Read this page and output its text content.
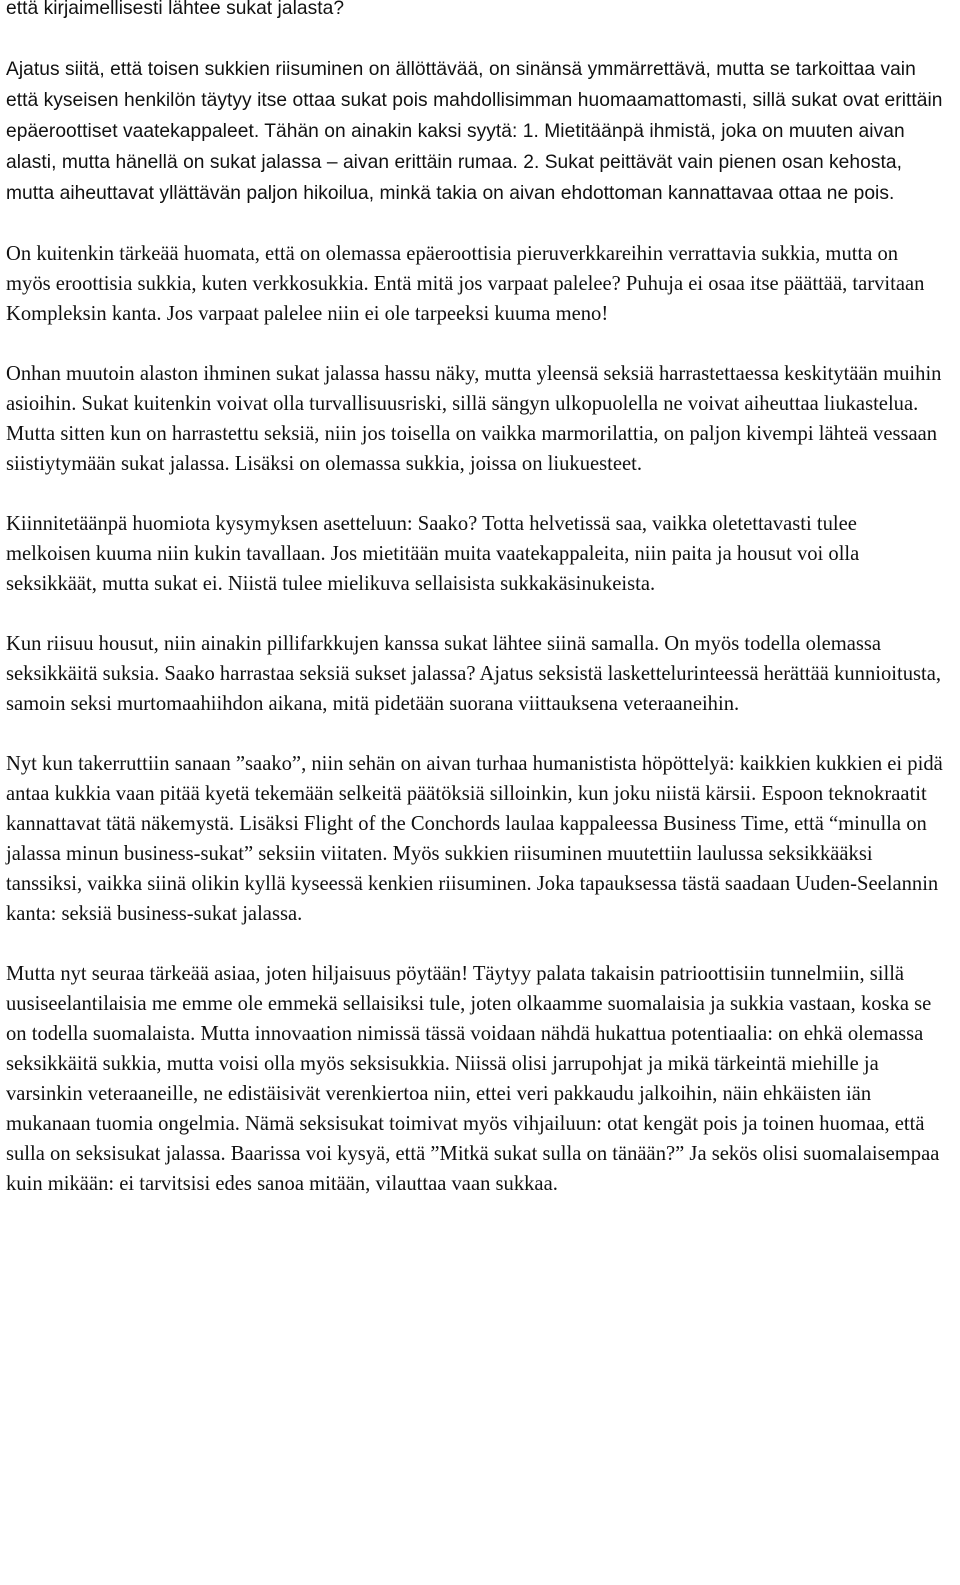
että kirjaimellisesti lähtee sukat jalasta?

Ajatus siitä, että toisen sukkien riisuminen on ällöttävää, on sinänsä ymmärrettävä, mutta se tarkoittaa vain että kyseisen henkilön täytyy itse ottaa sukat pois mahdollisimman huomaamattomasti, sillä sukat ovat erittäin epäeroottiset vaatekappaleet. Tähän on ainakin kaksi syytä: 1. Mietitäänpä ihmistä, joka on muuten aivan alasti, mutta hänellä on sukat jalassa – aivan erittäin rumaa. 2. Sukat peittävät vain pienen osan kehosta, mutta aiheuttavat yllättävän paljon hikoilua, minkä takia on aivan ehdottoman kannattavaa ottaa ne pois.

On kuitenkin tärkeää huomata, että on olemassa epäeroottisia pieruverkkareihin verrattavia sukkia, mutta on myös eroottisia sukkia, kuten verkkosukkia. Entä mitä jos varpaat palelee? Puhuja ei osaa itse päättää, tarvitaan Kompleksin kanta. Jos varpaat palelee niin ei ole tarpeeksi kuuma meno!

Onhan muutoin alaston ihminen sukat jalassa hassu näky, mutta yleensä seksiä harrastettaessa keskitytään muihin asioihin. Sukat kuitenkin voivat olla turvallisuusriski, sillä sängyn ulkopuolella ne voivat aiheuttaa liukastelua. Mutta sitten kun on harrastettu seksiä, niin jos toisella on vaikka marmorilattia, on paljon kivempi lähteä vessaan siistiytymään sukat jalassa. Lisäksi on olemassa sukkia, joissa on liukuesteet.

Kiinnitetäänpä huomiota kysymyksen asetteluun: Saako? Totta helvetissä saa, vaikka oletettavasti tulee melkoisen kuuma niin kukin tavallaan. Jos mietitään muita vaatekappaleita, niin paita ja housut voi olla seksikkäät, mutta sukat ei. Niistä tulee mielikuva sellaisista sukkakäsinukeista.

Kun riisuu housut, niin ainakin pillifarkkujen kanssa sukat lähtee siinä samalla. On myös todella olemassa seksikkäitä suksia. Saako harrastaa seksiä sukset jalassa? Ajatus seksistä laskettelurinteessä herättää kunnioitusta, samoin seksi murtomaahiihdon aikana, mitä pidetään suorana viittauksena veteraaneihin.

Nyt kun takerruttiin sanaan ”saako”, niin sehän on aivan turhaa humanistista höpöttelyä: kaikkien kukkien ei pidä antaa kukkia vaan pitää kyetä tekemään selkeitä päätöksiä silloinkin, kun joku niistä kärsii. Espoon teknokraatit kannattavat tätä näkemystä. Lisäksi Flight of the Conchords laulaa kappaleessa Business Time, että “minulla on jalassa minun business-sukat” seksiin viitaten. Myös sukkien riisuminen muutettiin laulussa seksikkääksi tanssiksi, vaikka siinä olikin kyllä kyseessä kenkien riisuminen. Joka tapauksessa tästä saadaan Uuden-Seelannin kanta: seksiä business-sukat jalassa.

Mutta nyt seuraa tärkeää asiaa, joten hiljaisuus pöytään! Täytyy palata takaisin patrioottisiin tunnelmiin, sillä uusiseelantilaisia me emme ole emmekä sellaisiksi tule, joten olkaamme suomalaisia ja sukkia vastaan, koska se on todella suomalaista. Mutta innovaation nimissä tässä voidaan nähdä hukattua potentiaalia: on ehkä olemassa seksikkäitä sukkia, mutta voisi olla myös seksisukkia. Niissä olisi jarrupohjat ja mikä tärkeintä miehille ja varsinkin veteraaneille, ne edistäisivät verenkiertoa niin, ettei veri pakkaudu jalkoihin, näin ehkäisten iän mukanaan tuomia ongelmia. Nämä seksisukat toimivat myös vihjailuun: otat kengät pois ja toinen huomaa, että sulla on seksisukat jalassa. Baarissa voi kysyä, että ”Mitkä sukat sulla on tänään?” Ja sekös olisi suomalaisempaa kuin mikään: ei tarvitsisi edes sanoa mitään, vilauttaa vaan sukkaa.
